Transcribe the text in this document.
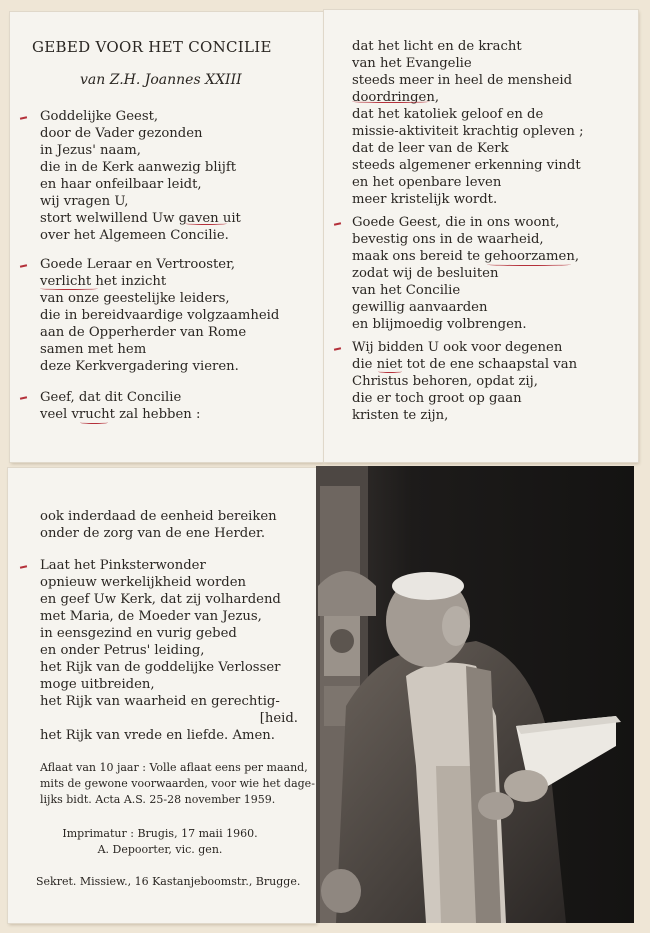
GEBED VOOR HET CONCILIE
van Z.H. Joannes XXIII
Goddelijke Geest,
door de Vader gezonden
in Jezus' naam,
die in de Kerk aanwezig blijft
en haar onfeilbaar leidt,
wij vragen U,
stort welwillend Uw gaven uit
over het Algemeen Concilie.
Goede Leraar en Vertrooster,
verlicht het inzicht
van onze geestelijke leiders,
die in bereidvaardige volgzaamheid
aan de Opperherder van Rome
samen met hem
deze Kerkvergadering vieren.
Geef, dat dit Concilie
veel vrucht zal hebben :
dat het licht en de kracht
van het Evangelie
steeds meer in heel de mensheid
doordringen,
dat het katoliek geloof en de
missie-aktiviteit krachtig opleven ;
dat de leer van de Kerk
steeds algemener erkenning vindt
en het openbare leven
meer kristelijk wordt.
Goede Geest, die in ons woont,
bevestig ons in de waarheid,
maak ons bereid te gehoorzamen,
zodat wij de besluiten
van het Concilie
gewillig aanvaarden
en blijmoedig volbrengen.
Wij bidden U ook voor degenen
die niet tot de ene schaapstal van
Christus behoren, opdat zij,
die er toch groot op gaan
kristen te zijn,
ook inderdaad de eenheid bereiken
onder de zorg van de ene Herder.
Laat het Pinksterwonder
opnieuw werkelijkheid worden
en geef Uw Kerk, dat zij volhardend
met Maria, de Moeder van Jezus,
in eensgezind en vurig gebed
en onder Petrus' leiding,
het Rijk van de goddelijke Verlosser
moge uitbreiden,
het Rijk van waarheid en gerechtig-
[heid.
het Rijk van vrede en liefde. Amen.
Aflaat van 10 jaar : Volle aflaat eens per maand,
mits de gewone voorwaarden, voor wie het dage-
lijks bidt. Acta A.S. 25-28 november 1959.
Imprimatur : Brugis, 17 maii 1960.
A. Depoorter, vic. gen.
Sekret. Missiew., 16 Kastanjeboomstr., Brugge.
